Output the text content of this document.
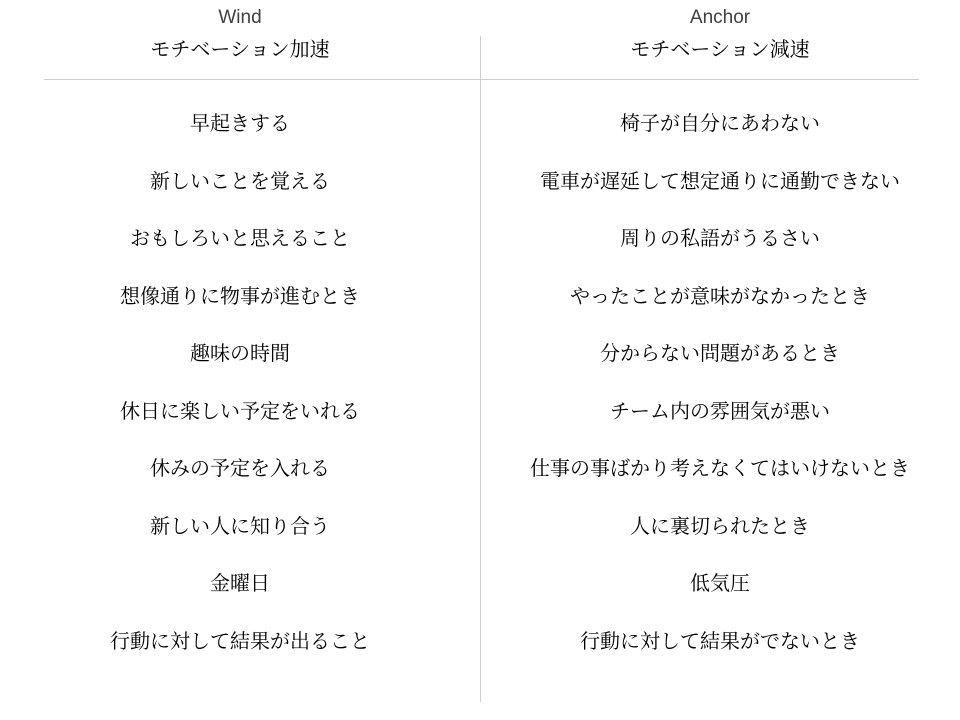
Wind
モチベーション加速
早起きする
新しいことを覚える
おもしろいと思えること
想像通りに物事が進むとき
趣味の時間
休日に楽しい予定をいれる
休みの予定を入れる
新しい人に知り合う
金曜日
行動に対して結果が出ること
Anchor
モチベーション減速
椅子が自分にあわない
電車が遅延して想定通りに通勤できない
周りの私語がうるさい
やったことが意味がなかったとき
分からない問題があるとき
チーム内の雰囲気が悪い
仕事の事ばかり考えなくてはいけないとき
人に裏切られたとき
低気圧
行動に対して結果がでないとき
